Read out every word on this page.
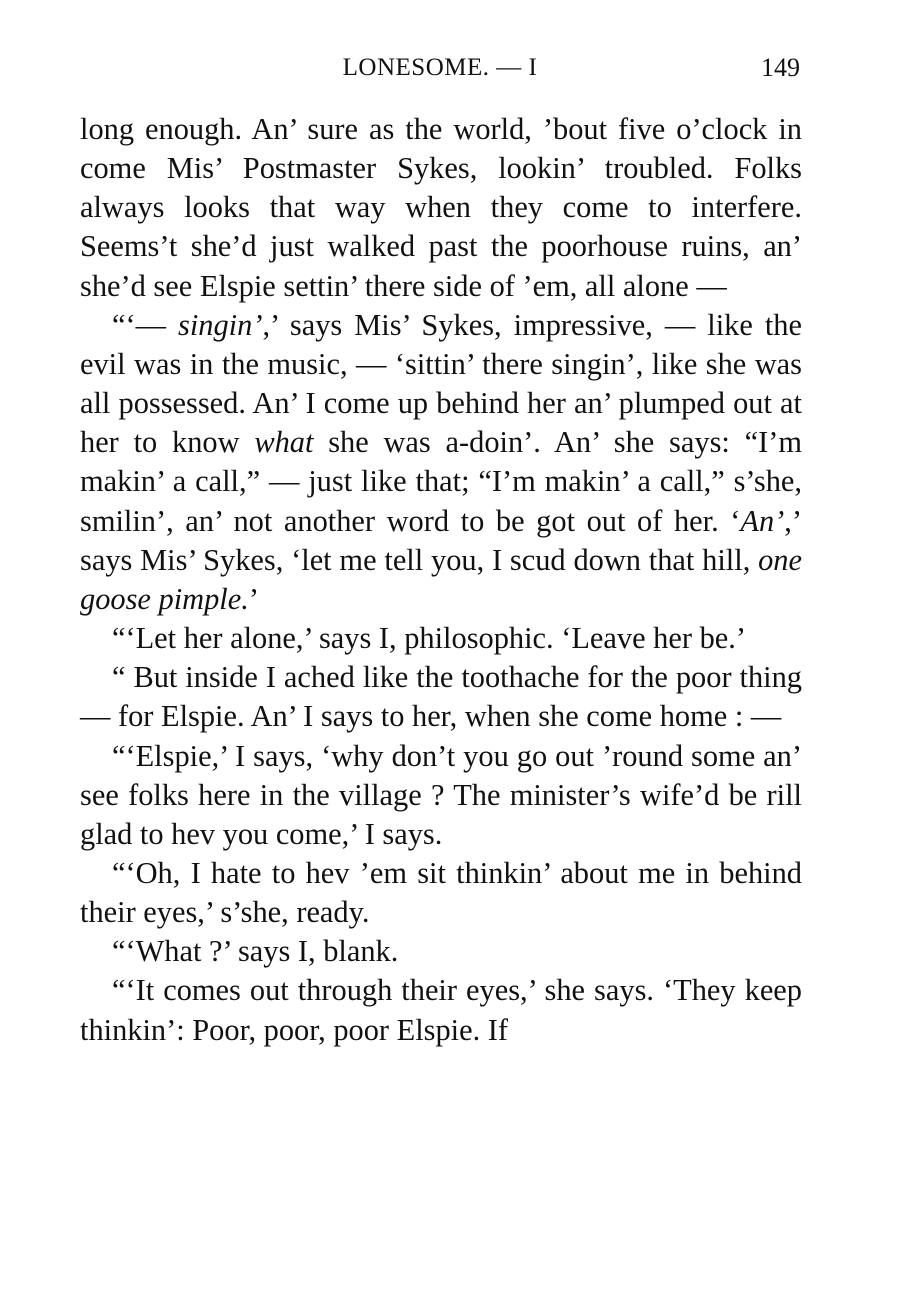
LONESOME. — I	149

long enough. An’ sure as the world, ’bout five o’clock in come Mis’ Postmaster Sykes, lookin’ troubled. Folks always looks that way when they come to interfere. Seems’t she’d just walked past the poorhouse ruins, an’ she’d see Elspie settin’ there side of ’em, all alone —

“‘— singin’,’ says Mis’ Sykes, impressive, — like the evil was in the music, — ‘sittin’ there singin’, like she was all possessed. An’ I come up behind her an’ plumped out at her to know what she was a-doin’. An’ she says: “I’m makin’ a call,” — just like that; “I’m makin’ a call,” s’she, smilin’, an’ not another word to be got out of her. ‘An’,’ says Mis’ Sykes, ‘let me tell you, I scud down that hill, one goose pimple.’

“‘Let her alone,’ says I, philosophic. ‘Leave her be.’

“ But inside I ached like the toothache for the poor thing — for Elspie. An’ I says to her, when she come home : —

“‘Elspie,’ I says, ‘why don’t you go out ’round some an’ see folks here in the village ? The minister’s wife’d be rill glad to hev you come,’ I says.

“‘Oh, I hate to hev ’em sit thinkin’ about me in behind their eyes,’ s’she, ready.

“‘What ?’ says I, blank.

“‘It comes out through their eyes,’ she says. ‘They keep thinkin’: Poor, poor, poor Elspie. If
